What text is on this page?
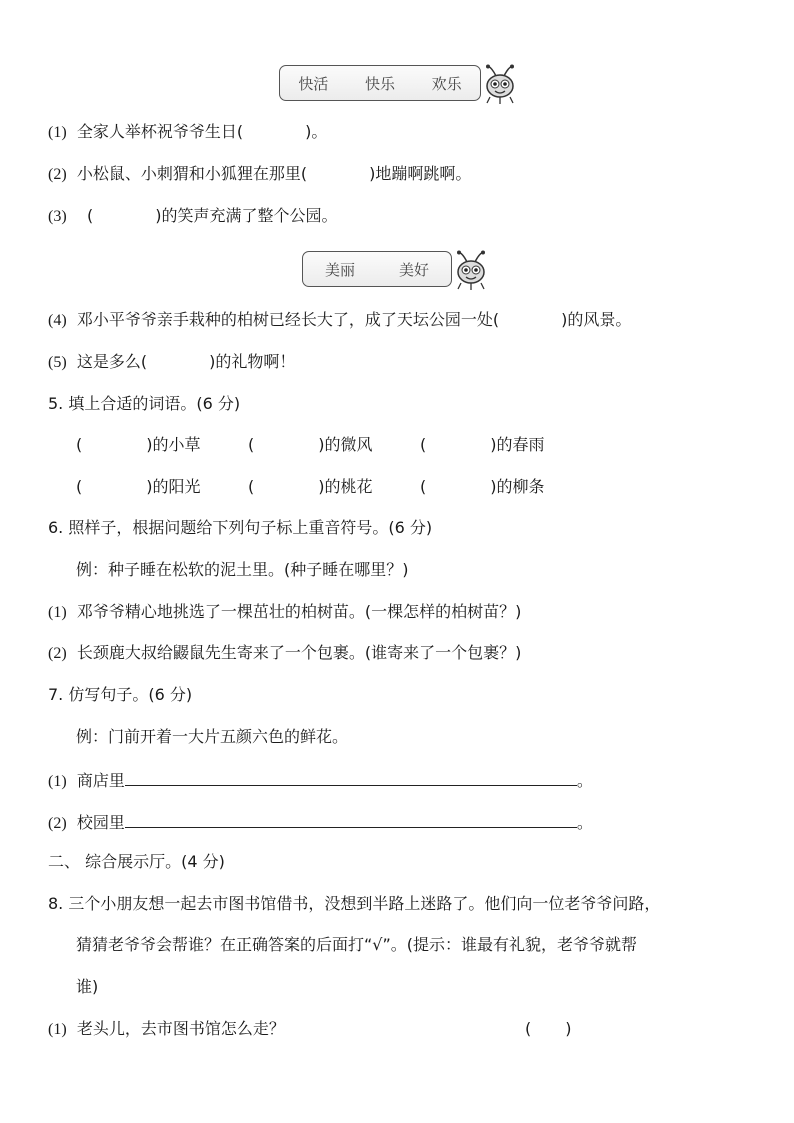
快活 快乐 欢乐
(1) 全家人举杯祝爷爷生日(	)。
(2) 小松鼠、小刺猬和小狐狸在那里(	)地蹦啊跳啊。
(3) (	)的笑声充满了整个公园。
美丽	美好
(4) 邓小平爷爷亲手栽种的柏树已经长大了，成了天坛公园一处(	)的风景。
(5) 这是多么(	)的礼物啊！
5. 填上合适的词语。(6 分)
(	)的小草	(	)的微风	(	)的春雨
(	)的阳光	(	)的桃花	(	)的柳条
6. 照样子，根据问题给下列句子标上重音符号。(6 分)
例：种子睡在松软的泥土里。(种子睡在哪里？)
(1) 邓爷爷精心地挑选了一棵茁壮的柏树苗。(一棵怎样的柏树苗？)
(2) 长颈鹿大叔给鼹鼠先生寄来了一个包裹。(谁寄来了一个包裹？)
7. 仿写句子。(6 分)
例：门前开着一大片五颜六色的鲜花。
(1) 商店里	。
(2) 校园里	。
二、 综合展示厅。(4 分)
8. 三个小朋友想一起去市图书馆借书，没想到半路上迷路了。他们向一位老爷爷问路，
猜猜老爷爷会帮谁？在正确答案的后面打“√”。(提示：谁最有礼貌，老爷爷就帮
谁)
(1) 老头儿，去市图书馆怎么走？	( )
